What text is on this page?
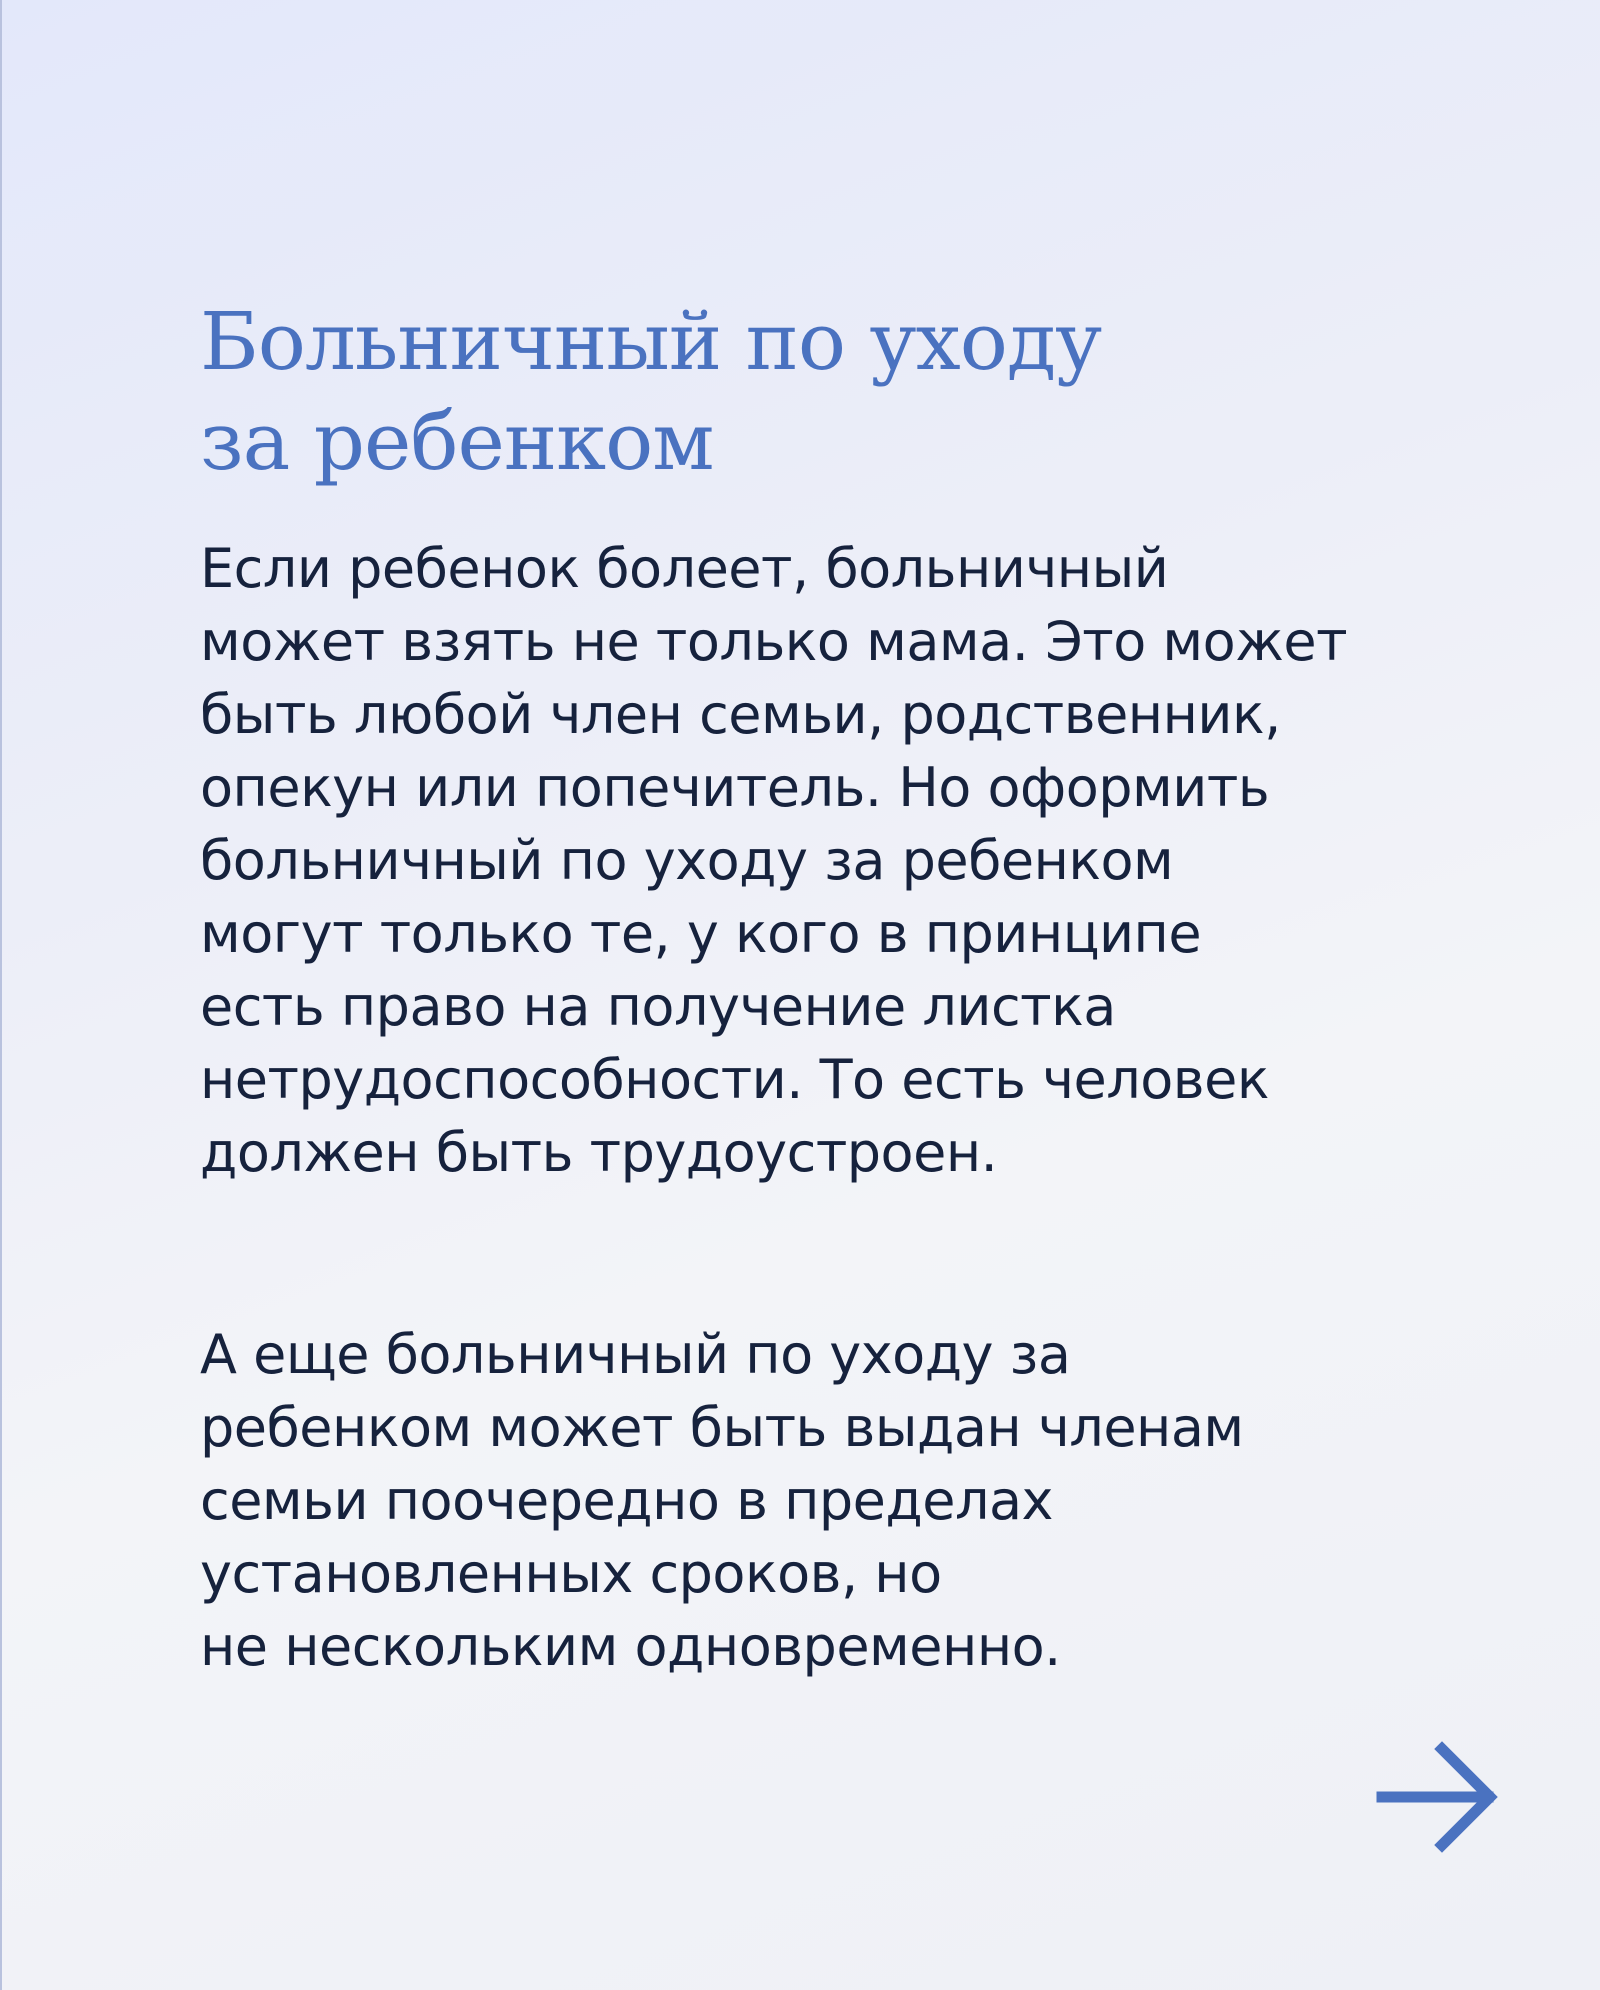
Больничный по уходу
за ребенком

Если ребенок болеет, больничный
может взять не только мама. Это может
быть любой член семьи, родственник,
опекун или попечитель. Но оформить
больничный по уходу за ребенком
могут только те, у кого в принципе
есть право на получение листка
нетрудоспособности. То есть человек
должен быть трудоустроен.

А еще больничный по уходу за
ребенком может быть выдан членам
семьи поочередно в пределах
установленных сроков, но
не нескольким одновременно.
